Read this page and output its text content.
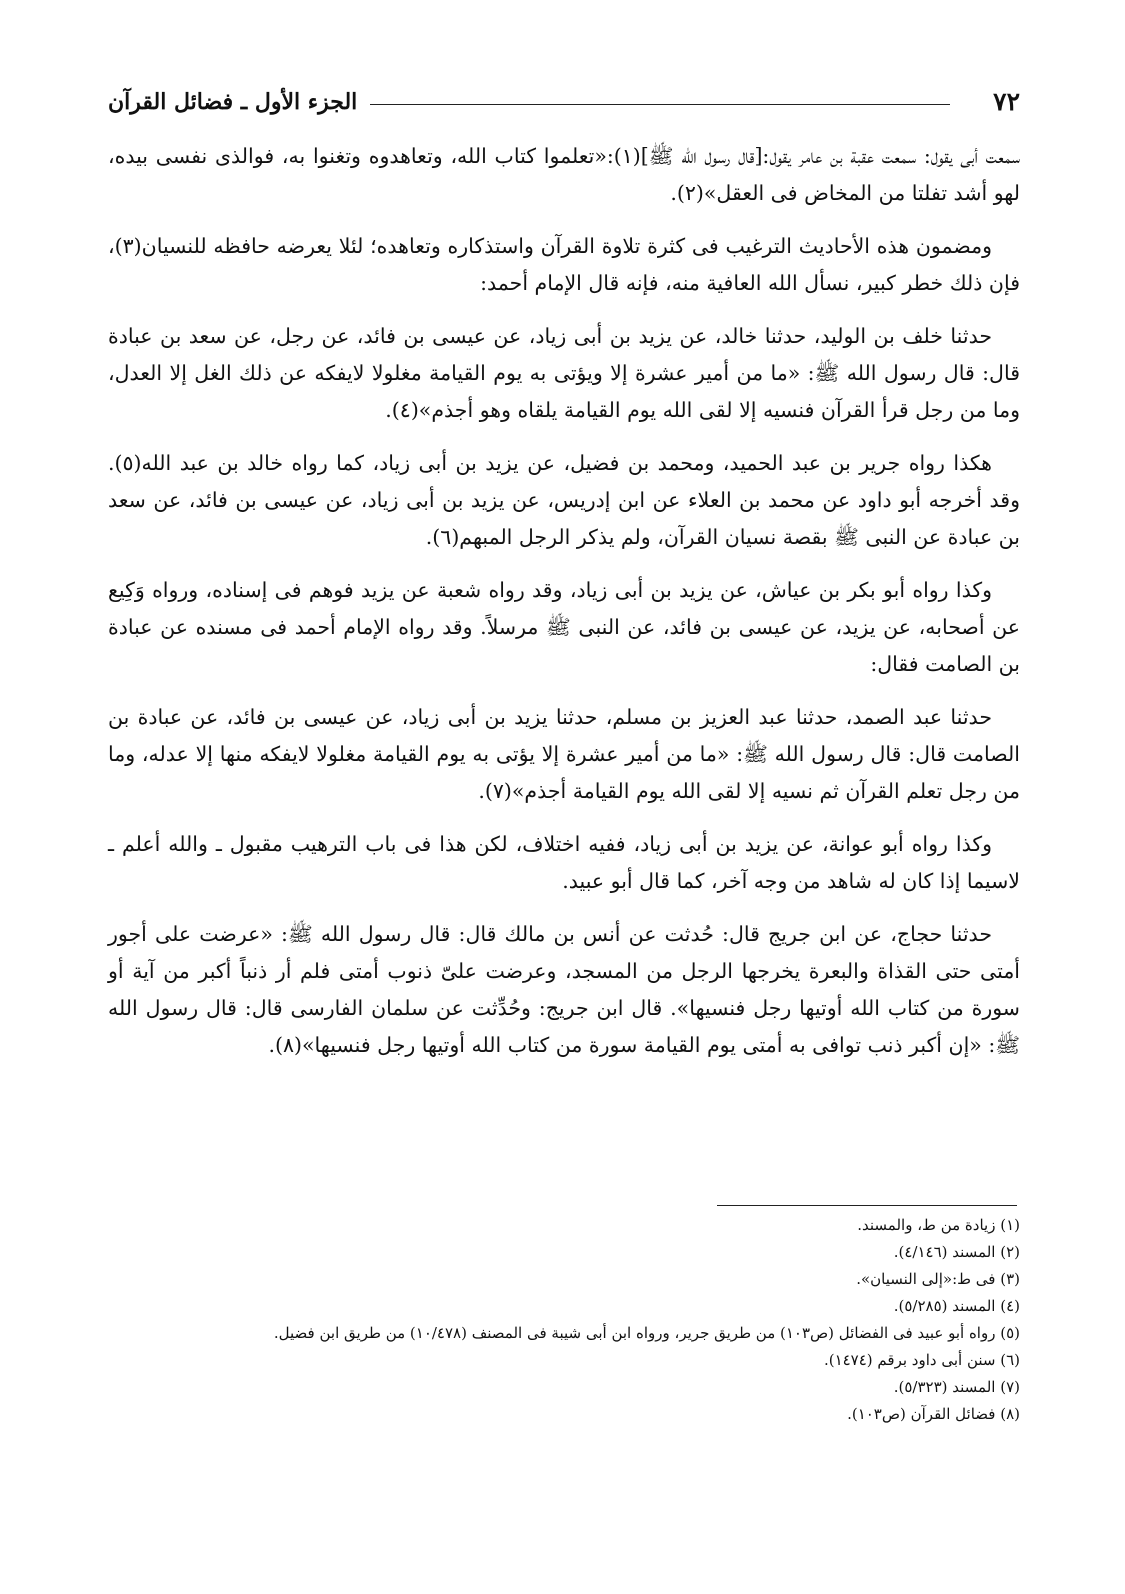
٧٢
الجزء الأول ـ فضائل القرآن

سمعت أبى يقول: سمعت عقبة بن عامر يقول:[قال رسول الله ﷺ](١):«تعلموا كتاب الله، وتعاهدوه وتغنوا به، فوالذى نفسى بيده، لهو أشد تفلتا من المخاض فى العقل»(٢).

ومضمون هذه الأحاديث الترغيب فى كثرة تلاوة القرآن واستذكاره وتعاهده؛ لئلا يعرضه حافظه للنسيان(٣)، فإن ذلك خطر كبير، نسأل الله العافية منه، فإنه قال الإمام أحمد:

حدثنا خلف بن الوليد، حدثنا خالد، عن يزيد بن أبى زياد، عن عيسى بن فائد، عن رجل، عن سعد بن عبادة قال: قال رسول الله ﷺ: «ما من أمير عشرة إلا ويؤتى به يوم القيامة مغلولا لايفكه عن ذلك الغل إلا العدل، وما من رجل قرأ القرآن فنسيه إلا لقى الله يوم القيامة يلقاه وهو أجذم»(٤).

هكذا رواه جرير بن عبد الحميد، ومحمد بن فضيل، عن يزيد بن أبى زياد، كما رواه خالد بن عبد الله(٥). وقد أخرجه أبو داود عن محمد بن العلاء عن ابن إدريس، عن يزيد بن أبى زياد، عن عيسى بن فائد، عن سعد بن عبادة عن النبى ﷺ بقصة نسيان القرآن، ولم يذكر الرجل المبهم(٦).

وكذا رواه أبو بكر بن عياش، عن يزيد بن أبى زياد، وقد رواه شعبة عن يزيد فوهم فى إسناده، ورواه وَكِيع عن أصحابه، عن يزيد، عن عيسى بن فائد، عن النبى ﷺ مرسلاً. وقد رواه الإمام أحمد فى مسنده عن عبادة بن الصامت فقال:

حدثنا عبد الصمد، حدثنا عبد العزيز بن مسلم، حدثنا يزيد بن أبى زياد، عن عيسى بن فائد، عن عبادة بن الصامت قال: قال رسول الله ﷺ: «ما من أمير عشرة إلا يؤتى به يوم القيامة مغلولا لايفكه منها إلا عدله، وما من رجل تعلم القرآن ثم نسيه إلا لقى الله يوم القيامة أجذم»(٧).

وكذا رواه أبو عوانة، عن يزيد بن أبى زياد، ففيه اختلاف، لكن هذا فى باب الترهيب مقبول ـ والله أعلم ـ لاسيما إذا كان له شاهد من وجه آخر، كما قال أبو عبيد.

حدثنا حجاج، عن ابن جريج قال: حُدثت عن أنس بن مالك قال: قال رسول الله ﷺ: «عرضت على أجور أمتى حتى القذاة والبعرة يخرجها الرجل من المسجد، وعرضت علىّ ذنوب أمتى فلم أر ذنباً أكبر من آية أو سورة من كتاب الله أوتيها رجل فنسيها». قال ابن جريج: وحُدِّثت عن سلمان الفارسى قال: قال رسول الله ﷺ: «إن أكبر ذنب توافى به أمتى يوم القيامة سورة من كتاب الله أوتيها رجل فنسيها»(٨).

(١) زيادة من ط، والمسند.

(٢) المسند (٤/١٤٦).

(٣) فى ط:«إلى النسيان».

(٤) المسند (٥/٢٨٥).

(٥) رواه أبو عبيد فى الفضائل (ص١٠٣) من طريق جرير، ورواه ابن أبى شيبة فى المصنف (١٠/٤٧٨) من طريق ابن فضيل.

(٦) سنن أبى داود برقم (١٤٧٤).

(٧) المسند (٥/٣٢٣).

(٨) فضائل القرآن (ص١٠٣).
